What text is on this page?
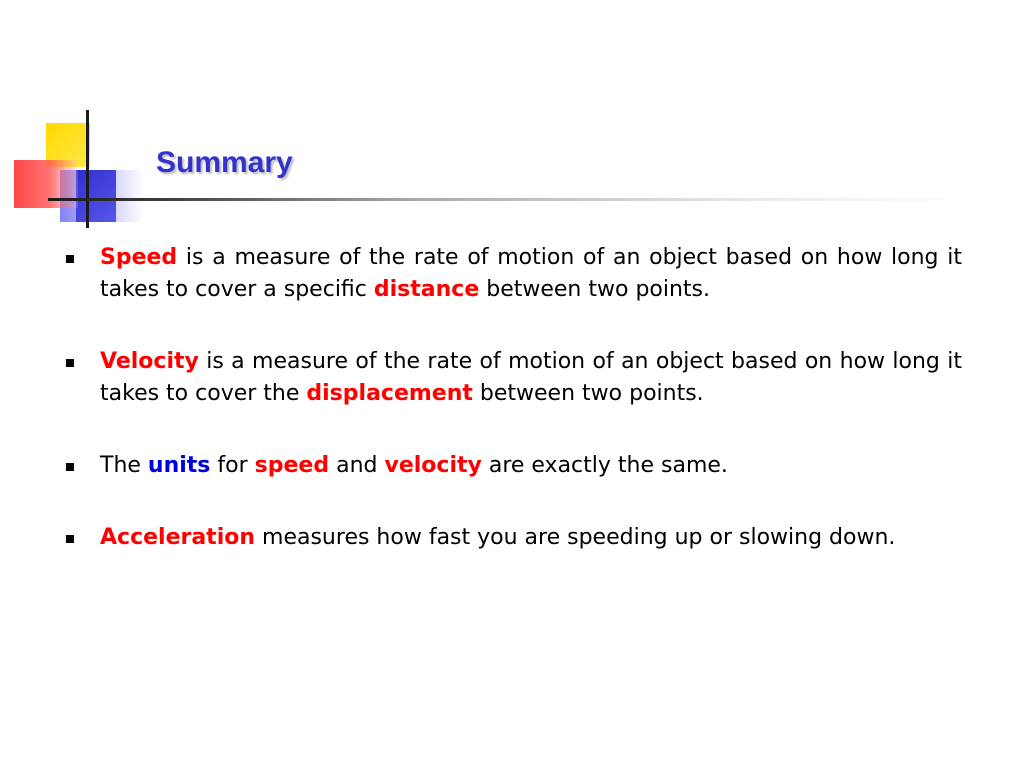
Summary
Speed is a measure of the rate of motion of an object based on how long it takes to cover a specific distance between two points.
Velocity is a measure of the rate of motion of an object based on how long it takes to cover the displacement between two points.
The units for speed and velocity are exactly the same.
Acceleration measures how fast you are speeding up or slowing down.
